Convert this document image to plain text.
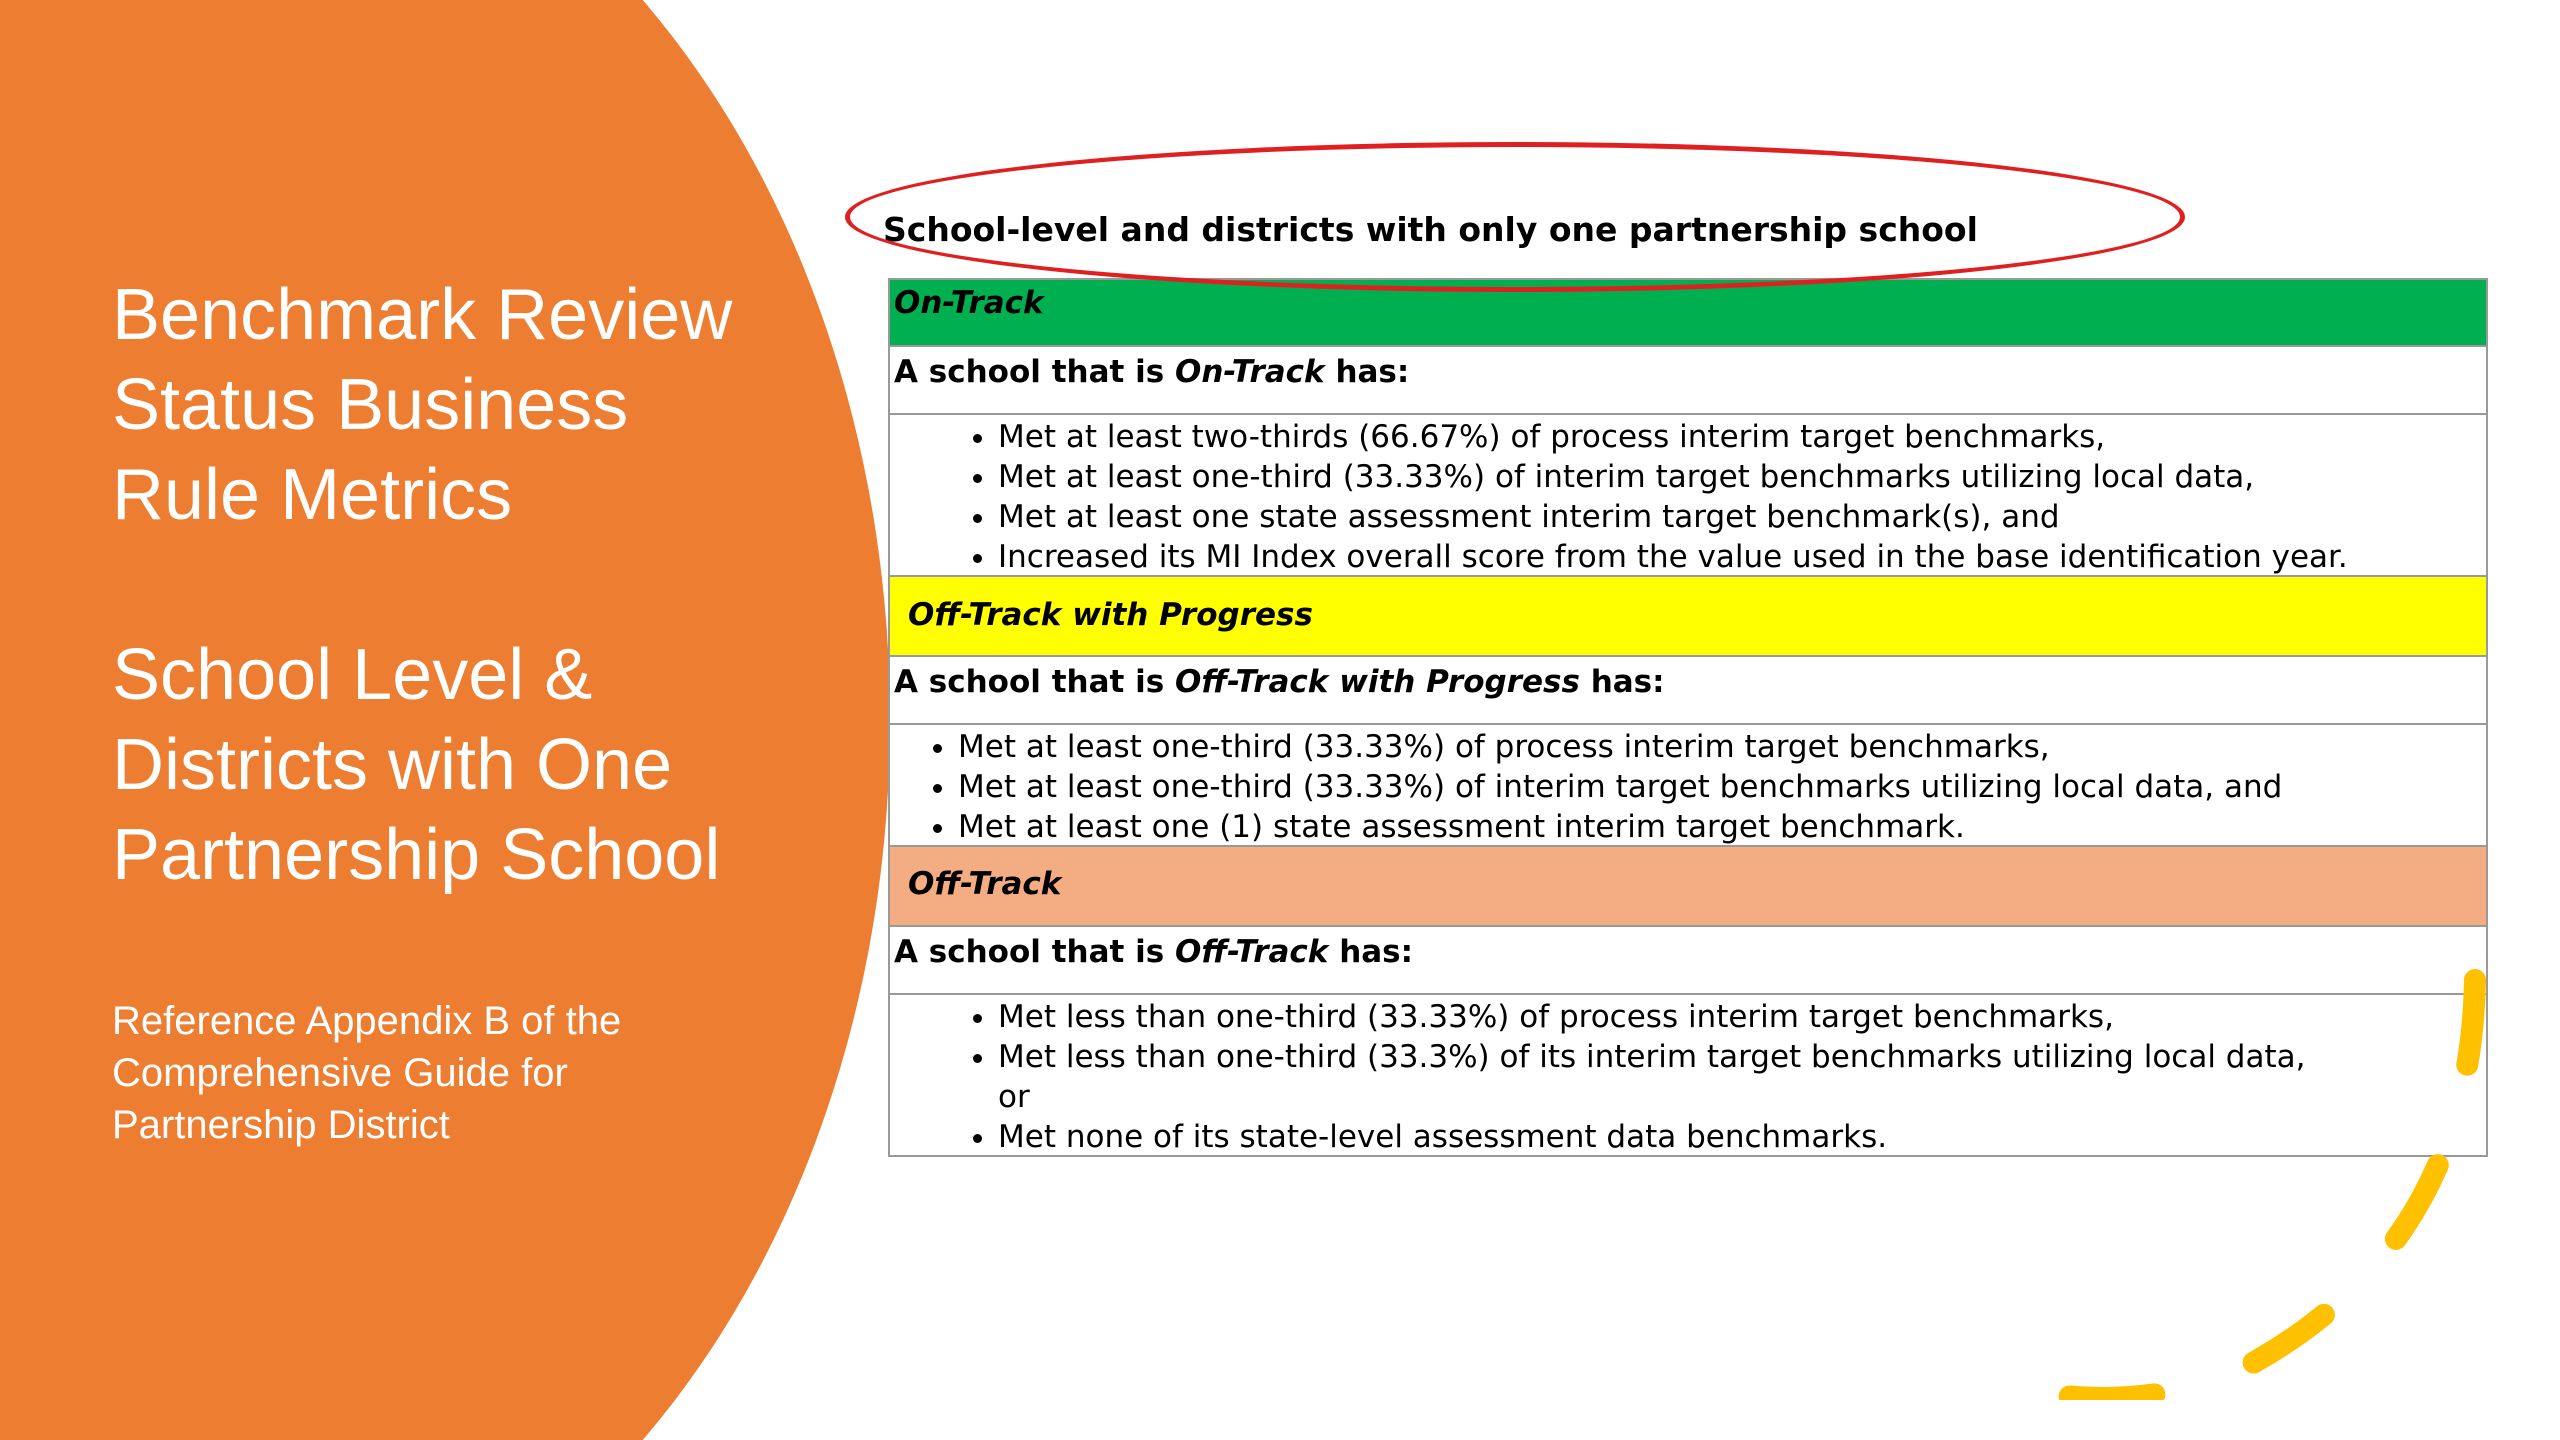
Benchmark Review
Status Business
Rule Metrics
School Level &
Districts with One
Partnership School
Reference Appendix B of the
Comprehensive Guide for
Partnership District
School-level and districts with only one partnership school
On-Track
A school that is On-Track has:
• Met at least two-thirds (66.67%) of process interim target benchmarks,
• Met at least one-third (33.33%) of interim target benchmarks utilizing local data,
• Met at least one state assessment interim target benchmark(s), and
• Increased its MI Index overall score from the value used in the base identification year.
Off-Track with Progress
A school that is Off-Track with Progress has:
• Met at least one-third (33.33%) of process interim target benchmarks,
• Met at least one-third (33.33%) of interim target benchmarks utilizing local data, and
• Met at least one (1) state assessment interim target benchmark.
Off-Track
A school that is Off-Track has:
• Met less than one-third (33.33%) of process interim target benchmarks,
• Met less than one-third (33.3%) of its interim target benchmarks utilizing local data, or
• Met none of its state-level assessment data benchmarks.
